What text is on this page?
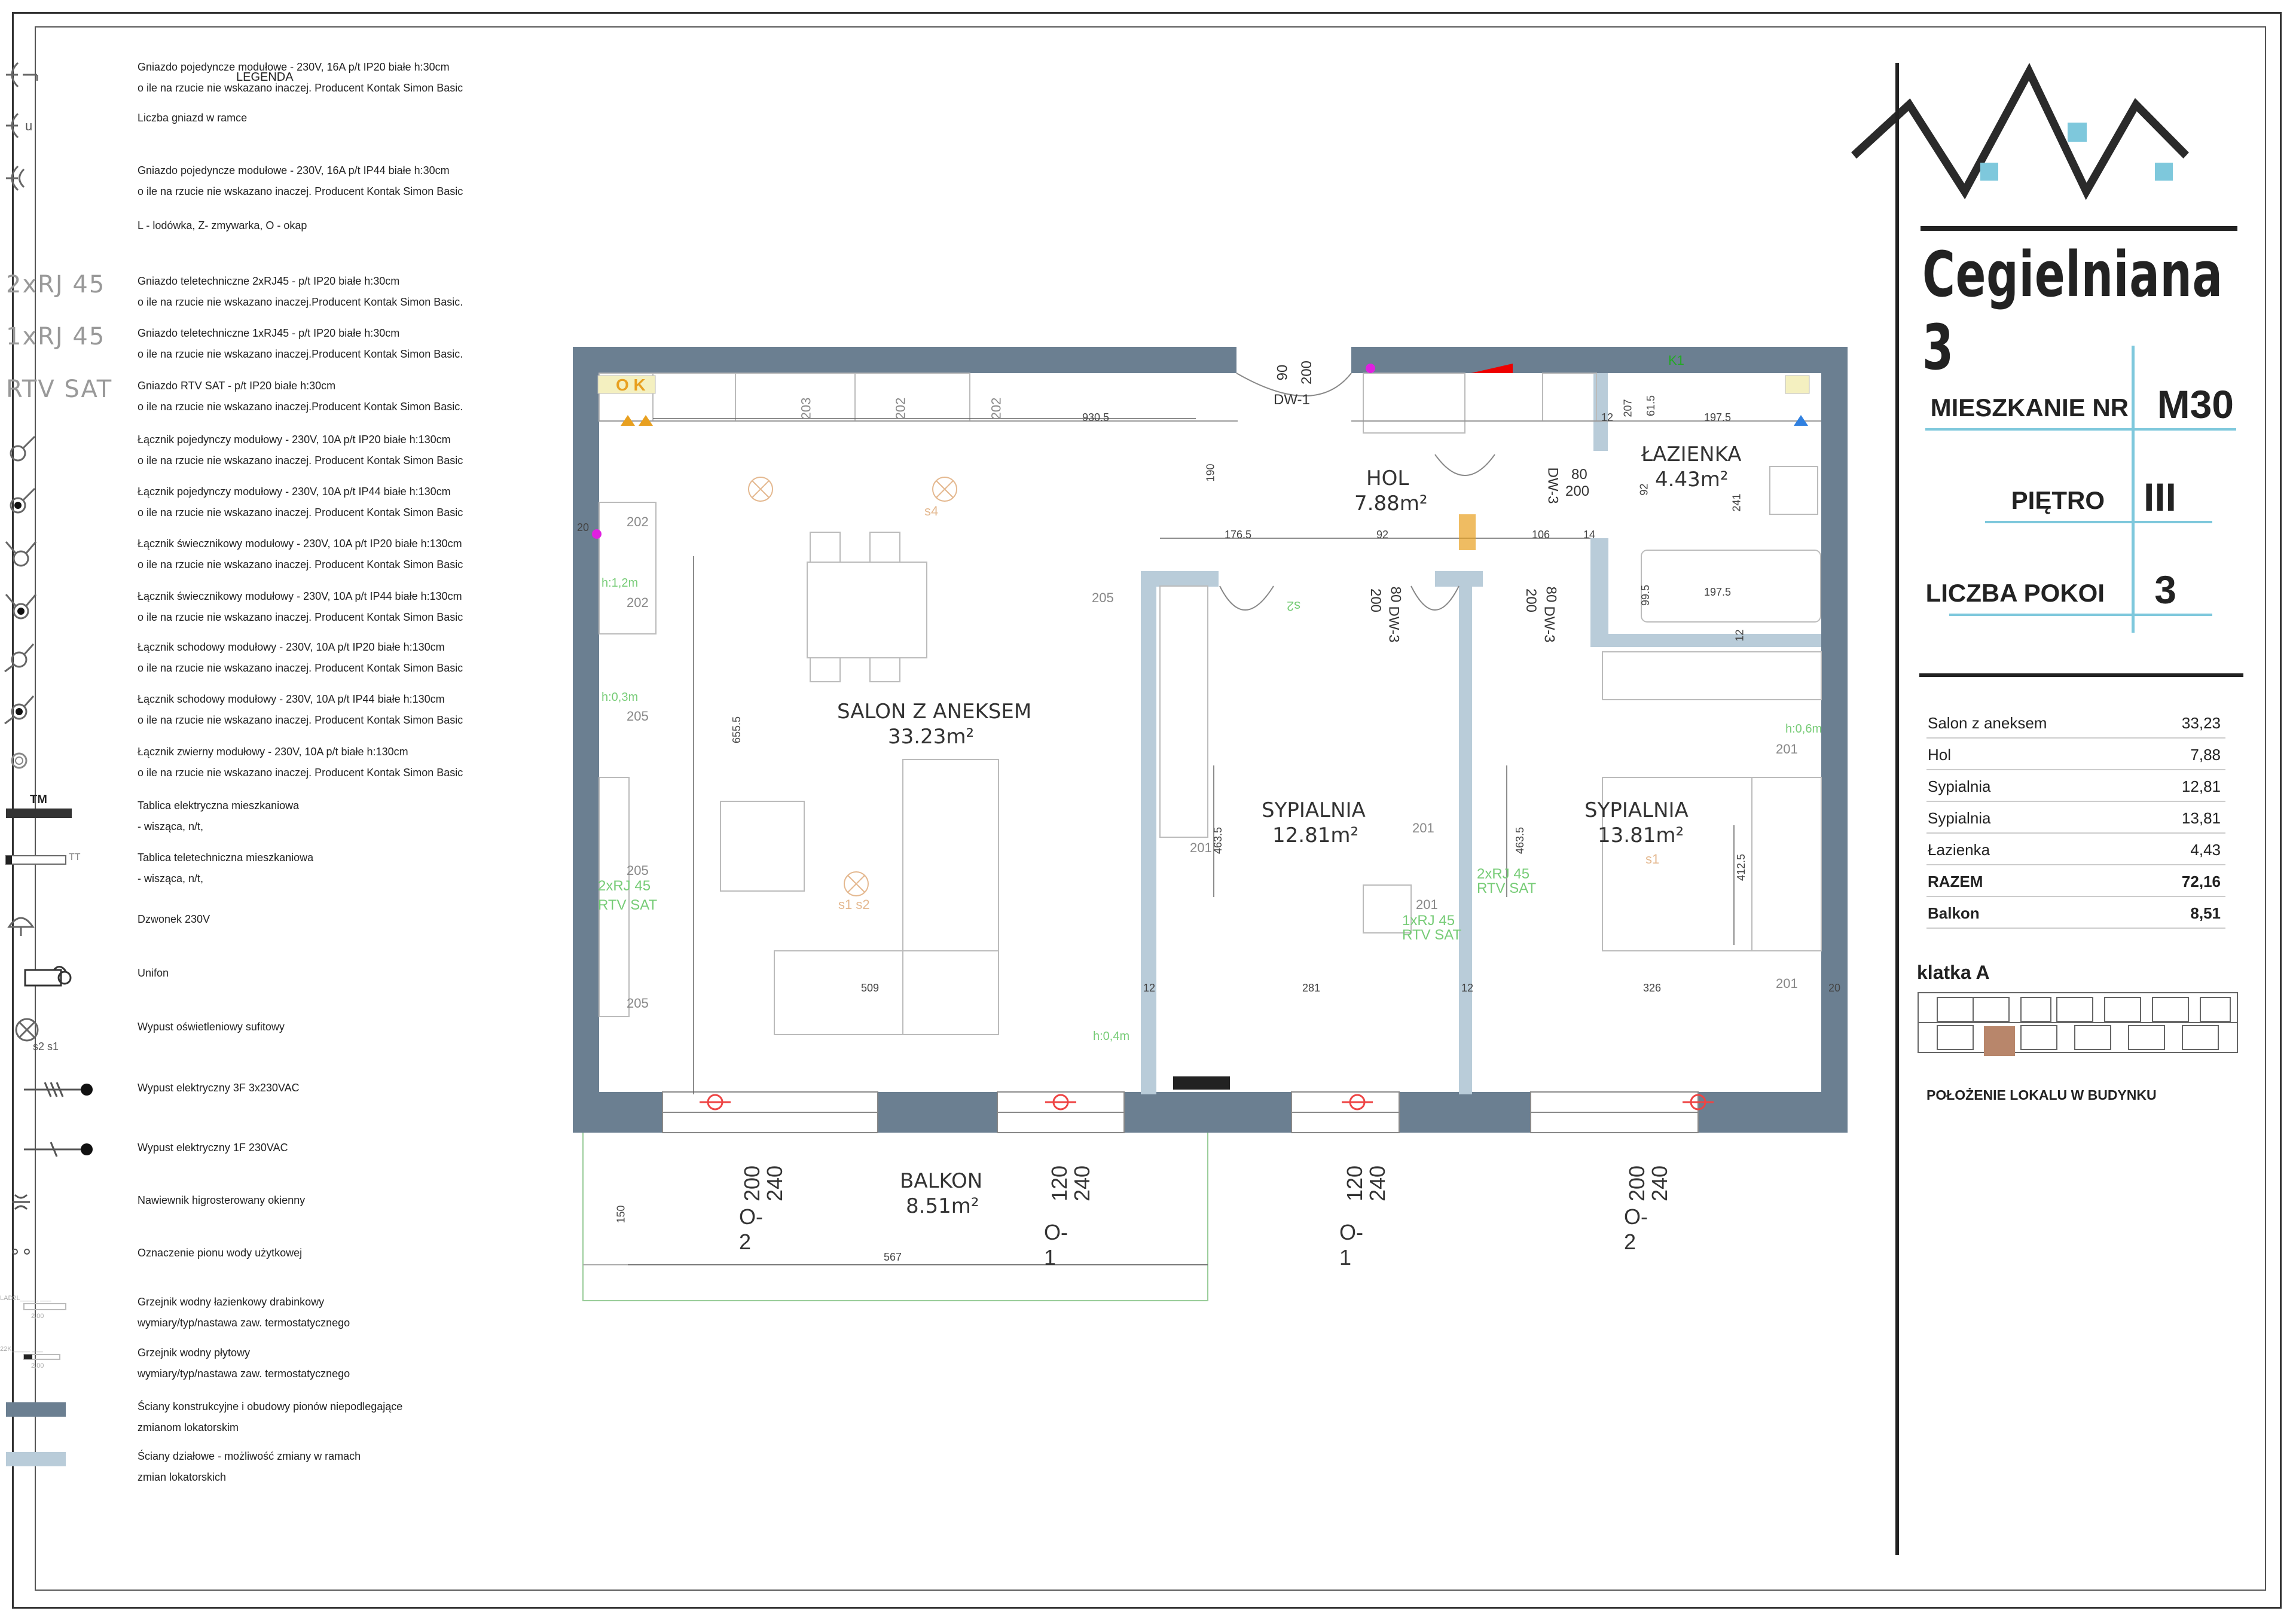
LEGENDA
Gniazdo pojedyncze modułowe - 230V, 16A p/t IP20 białe h:30cm
o ile na rzucie nie wskazano inaczej. Producent Kontak Simon Basic
u
Liczba gniazd w ramce
Gniazdo pojedyncze modułowe - 230V, 16A p/t IP44 białe h:30cm
o ile na rzucie nie wskazano inaczej. Producent Kontak Simon Basic
L - lodówka, Z- zmywarka, O - okap
2xRJ 45	Gniazdo teletechniczne 2xRJ45 - p/t IP20 białe h:30cm
o ile na rzucie nie wskazano inaczej.Producent Kontak Simon Basic.
1xRJ 45	Gniazdo teletechniczne 1xRJ45 - p/t IP20 białe h:30cm
o ile na rzucie nie wskazano inaczej.Producent Kontak Simon Basic.
RTV SAT Gniazdo RTV SAT - p/t IP20 białe h:30cm
o ile na rzucie nie wskazano inaczej.Producent Kontak Simon Basic.
Łącznik pojedynczy modułowy - 230V, 10A p/t IP20 białe h:130cm
o ile na rzucie nie wskazano inaczej. Producent Kontak Simon Basic
Łącznik pojedynczy modułowy - 230V, 10A p/t IP44 białe h:130cm
o ile na rzucie nie wskazano inaczej. Producent Kontak Simon Basic
Łącznik świecznikowy modułowy - 230V, 10A p/t IP20 białe h:130cm
o ile na rzucie nie wskazano inaczej. Producent Kontak Simon Basic
Łącznik świecznikowy modułowy - 230V, 10A p/t IP44 białe h:130cm
o ile na rzucie nie wskazano inaczej. Producent Kontak Simon Basic
Łącznik schodowy modułowy - 230V, 10A p/t IP20 białe h:130cm
o ile na rzucie nie wskazano inaczej. Producent Kontak Simon Basic
Łącznik schodowy modułowy - 230V, 10A p/t IP44 białe h:130cm
o ile na rzucie nie wskazano inaczej. Producent Kontak Simon Basic
Łącznik zwierny modułowy - 230V, 10A p/t białe h:130cm
o ile na rzucie nie wskazano inaczej. Producent Kontak Simon Basic
TM	Tablica elektryczna mieszkaniowa
- wisząca, n/t,
TT	Tablica teletechniczna mieszkaniowa
- wisząca, n/t,
Dzwonek 230V
Unifon
s2 s1
Wypust oświetleniowy sufitowy
Wypust elektryczny 3F 3x230VAC
Wypust elektryczny 1F 230VAC
Nawiewnik higrosterowany okienny
Oznaczenie pionu wody użytkowej
LAD2L_____ ___
2,00
Grzejnik wodny łazienkowy drabinkowy
wymiary/typ/nastawa zaw. termostatycznego
22K_____ ___
2,00
Grzejnik wodny płytowy
wymiary/typ/nastawa zaw. termostatycznego
Ściany konstrukcyjne i obudowy pionów niepodlegające
zmianom lokatorskim
Ściany działowe - możliwość zmiany w ramach
zmian lokatorskich
SALON Z ANEKSEM
33.23m²
HOL
7.88m²
ŁAZIENKA
4.43m²
SYPIALNIA
12.81m²
SYPIALNIA
13.81m²
BALKON
8.51m²
930.5	197.5
176.5	92	106	14
197.5
190
655.5
463.5	463.5
412.5
99.5
241
92
61.5
207
509	281	326
12	12
12
12
20
20
567
150
90 200
DW-1
DW-3 80
200
80
200
DW-3
80
200
DW-3
200
240
O-2
120
240
O-1
120
240
O-1
200
240
O-2
O K
K1
203	202	202
202
202
205
205
205
205
201
201
201
201
201
2xRJ 45
RTV SAT
1xRJ 45
RTV SAT
2xRJ 45
RTV SAT
s1 s2
s4
s1
s2
h:0,3m
h:1,2m
h:0,6m
h:0,4m
Cegielniana 3
MIESZKANIE NR M30
PIĘTRO III
LICZBA POKOI 3
Salon z aneksem	33,23
Hol	7,88
Sypialnia	12,81
Sypialnia	13,81
Łazienka	4,43
RAZEM	72,16
Balkon	8,51
klatka A
POŁOŻENIE LOKALU W BUDYNKU
